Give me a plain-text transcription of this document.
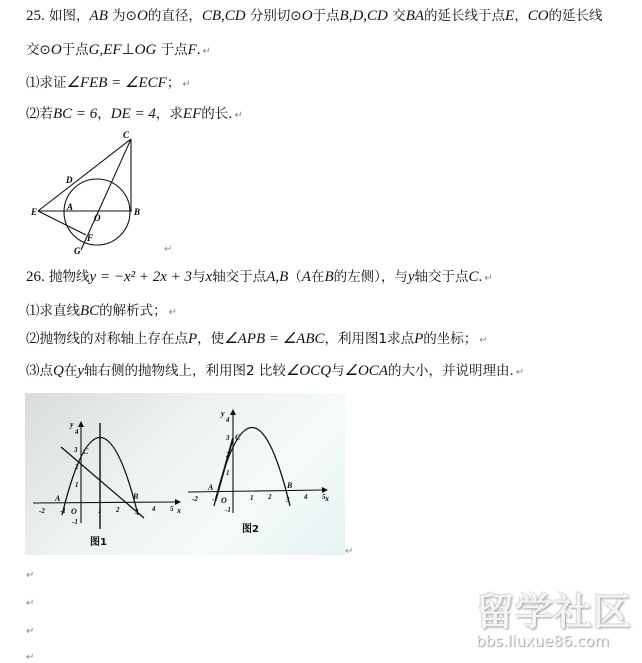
25. 如图，AB 为⊙O的直径，CB,CD 分别切⊙O于点B,D,CD 交BA的延长线于点E，CO的延长线
交⊙O于点G,EF⊥OG 于点F. ↵
⑴求证∠FEB = ∠ECF； ↵
⑵若BC = 6，DE = 4，求EF的长. ↵
C
D
E	A
O
B
F
G	↵
26. 抛物线y = −x² + 2x + 3与x轴交于点A,B（A在B的左侧），与y轴交于点C. ↵
⑴求直线BC的解析式； ↵
⑵抛物线的对称轴上存在点P，使∠APB = ∠ABC，利用图1求点P的坐标； ↵
⑶点Q在y轴右侧的抛物线上，利用图2 比较∠OCQ与∠OCA的大小，并说明理由. ↵
y
x
C
A	B
O
-2 -1	1 2 3 4 5
-1
1
2
3
4
图1
y
x
C
A	B
O
-2 -1	1 2 3 4 5
-1
1
2
3
4
图2
↵
↵
↵
↵
↵
留学社区
bbs.liuxue86.com
